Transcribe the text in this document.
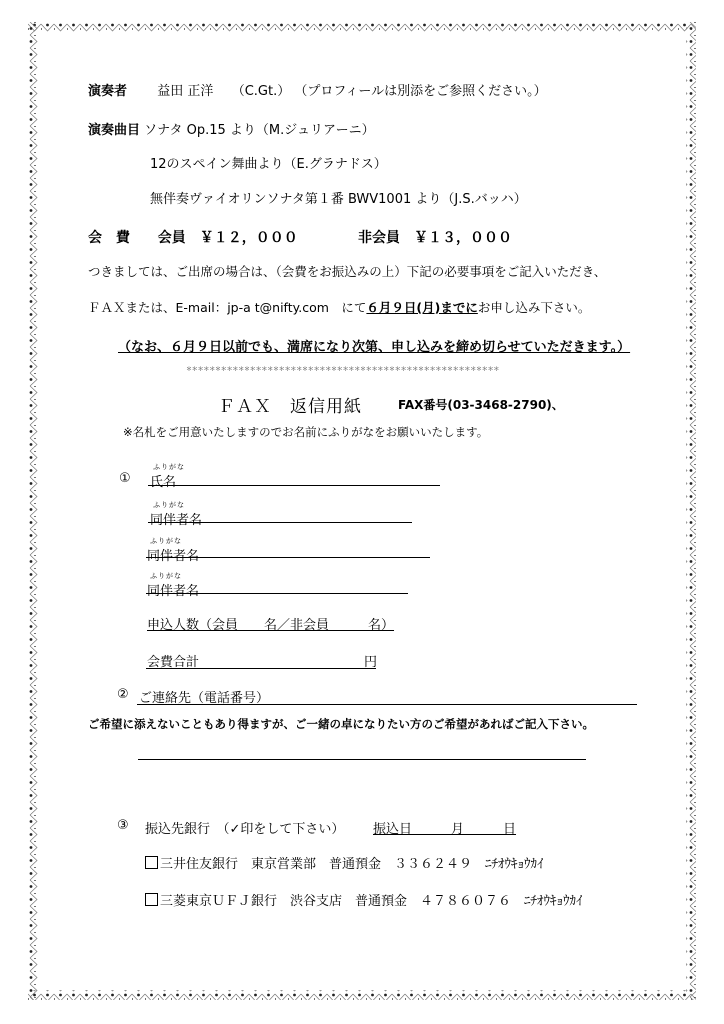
演奏者 益田 正洋 （C.Gt.） （プロフィールは別添をご参照ください。）
演奏曲目 ソナタ Op.15 より（M.ジュリアーニ）
12のスペイン舞曲より（E.グラナドス）
無伴奏ヴァイオリンソナタ第１番 BWV1001 より（J.S.バッハ）
会　費 会員　￥１２，０００	非会員　￥１３，０００
つきましては、ご出席の場合は、（会費をお振込みの上）下記の必要事項をご記入いただき、
ＦＡＸまたは、E-mail：jp-a t@nifty.com　にて６月９日(月)までにお申し込み下さい。
（なお、６月９日以前でも、満席になり次第、申し込みを締め切らせていただきます。）
＊＊＊＊＊＊＊＊＊＊＊＊＊＊＊＊＊＊＊＊＊＊＊＊＊＊＊＊＊＊＊＊＊＊＊＊＊＊＊＊＊＊＊＊＊＊＊＊＊＊＊＊＊＊
ＦＡＸ　返信用紙	FAX番号(03-3468-2790)、
※名札をご用意いたしますのでお名前にふりがなをお願いいたします。
①
ふりがな
氏名
ふりがな
同伴者名
ふりがな
同伴者名
ふりがな
同伴者名
申込人数（会員　　名／非会員　　　名）
会費合計	円
② ご連絡先（電話番号）
ご希望に添えないこともあり得ますが、ご一緒の卓になりたい方のご希望があればご記入下さい。
③ 振込先銀行　（✓印をして下さい） 振込日　　　月　　　日
三井住友銀行　東京営業部　普通預金　３３６２４９　ﾆﾁｵｳｷｮｳｶｲ
三菱東京ＵＦＪ銀行　渋谷支店　普通預金　４７８６０７６　ﾆﾁｵｳｷｮｳｶｲ
